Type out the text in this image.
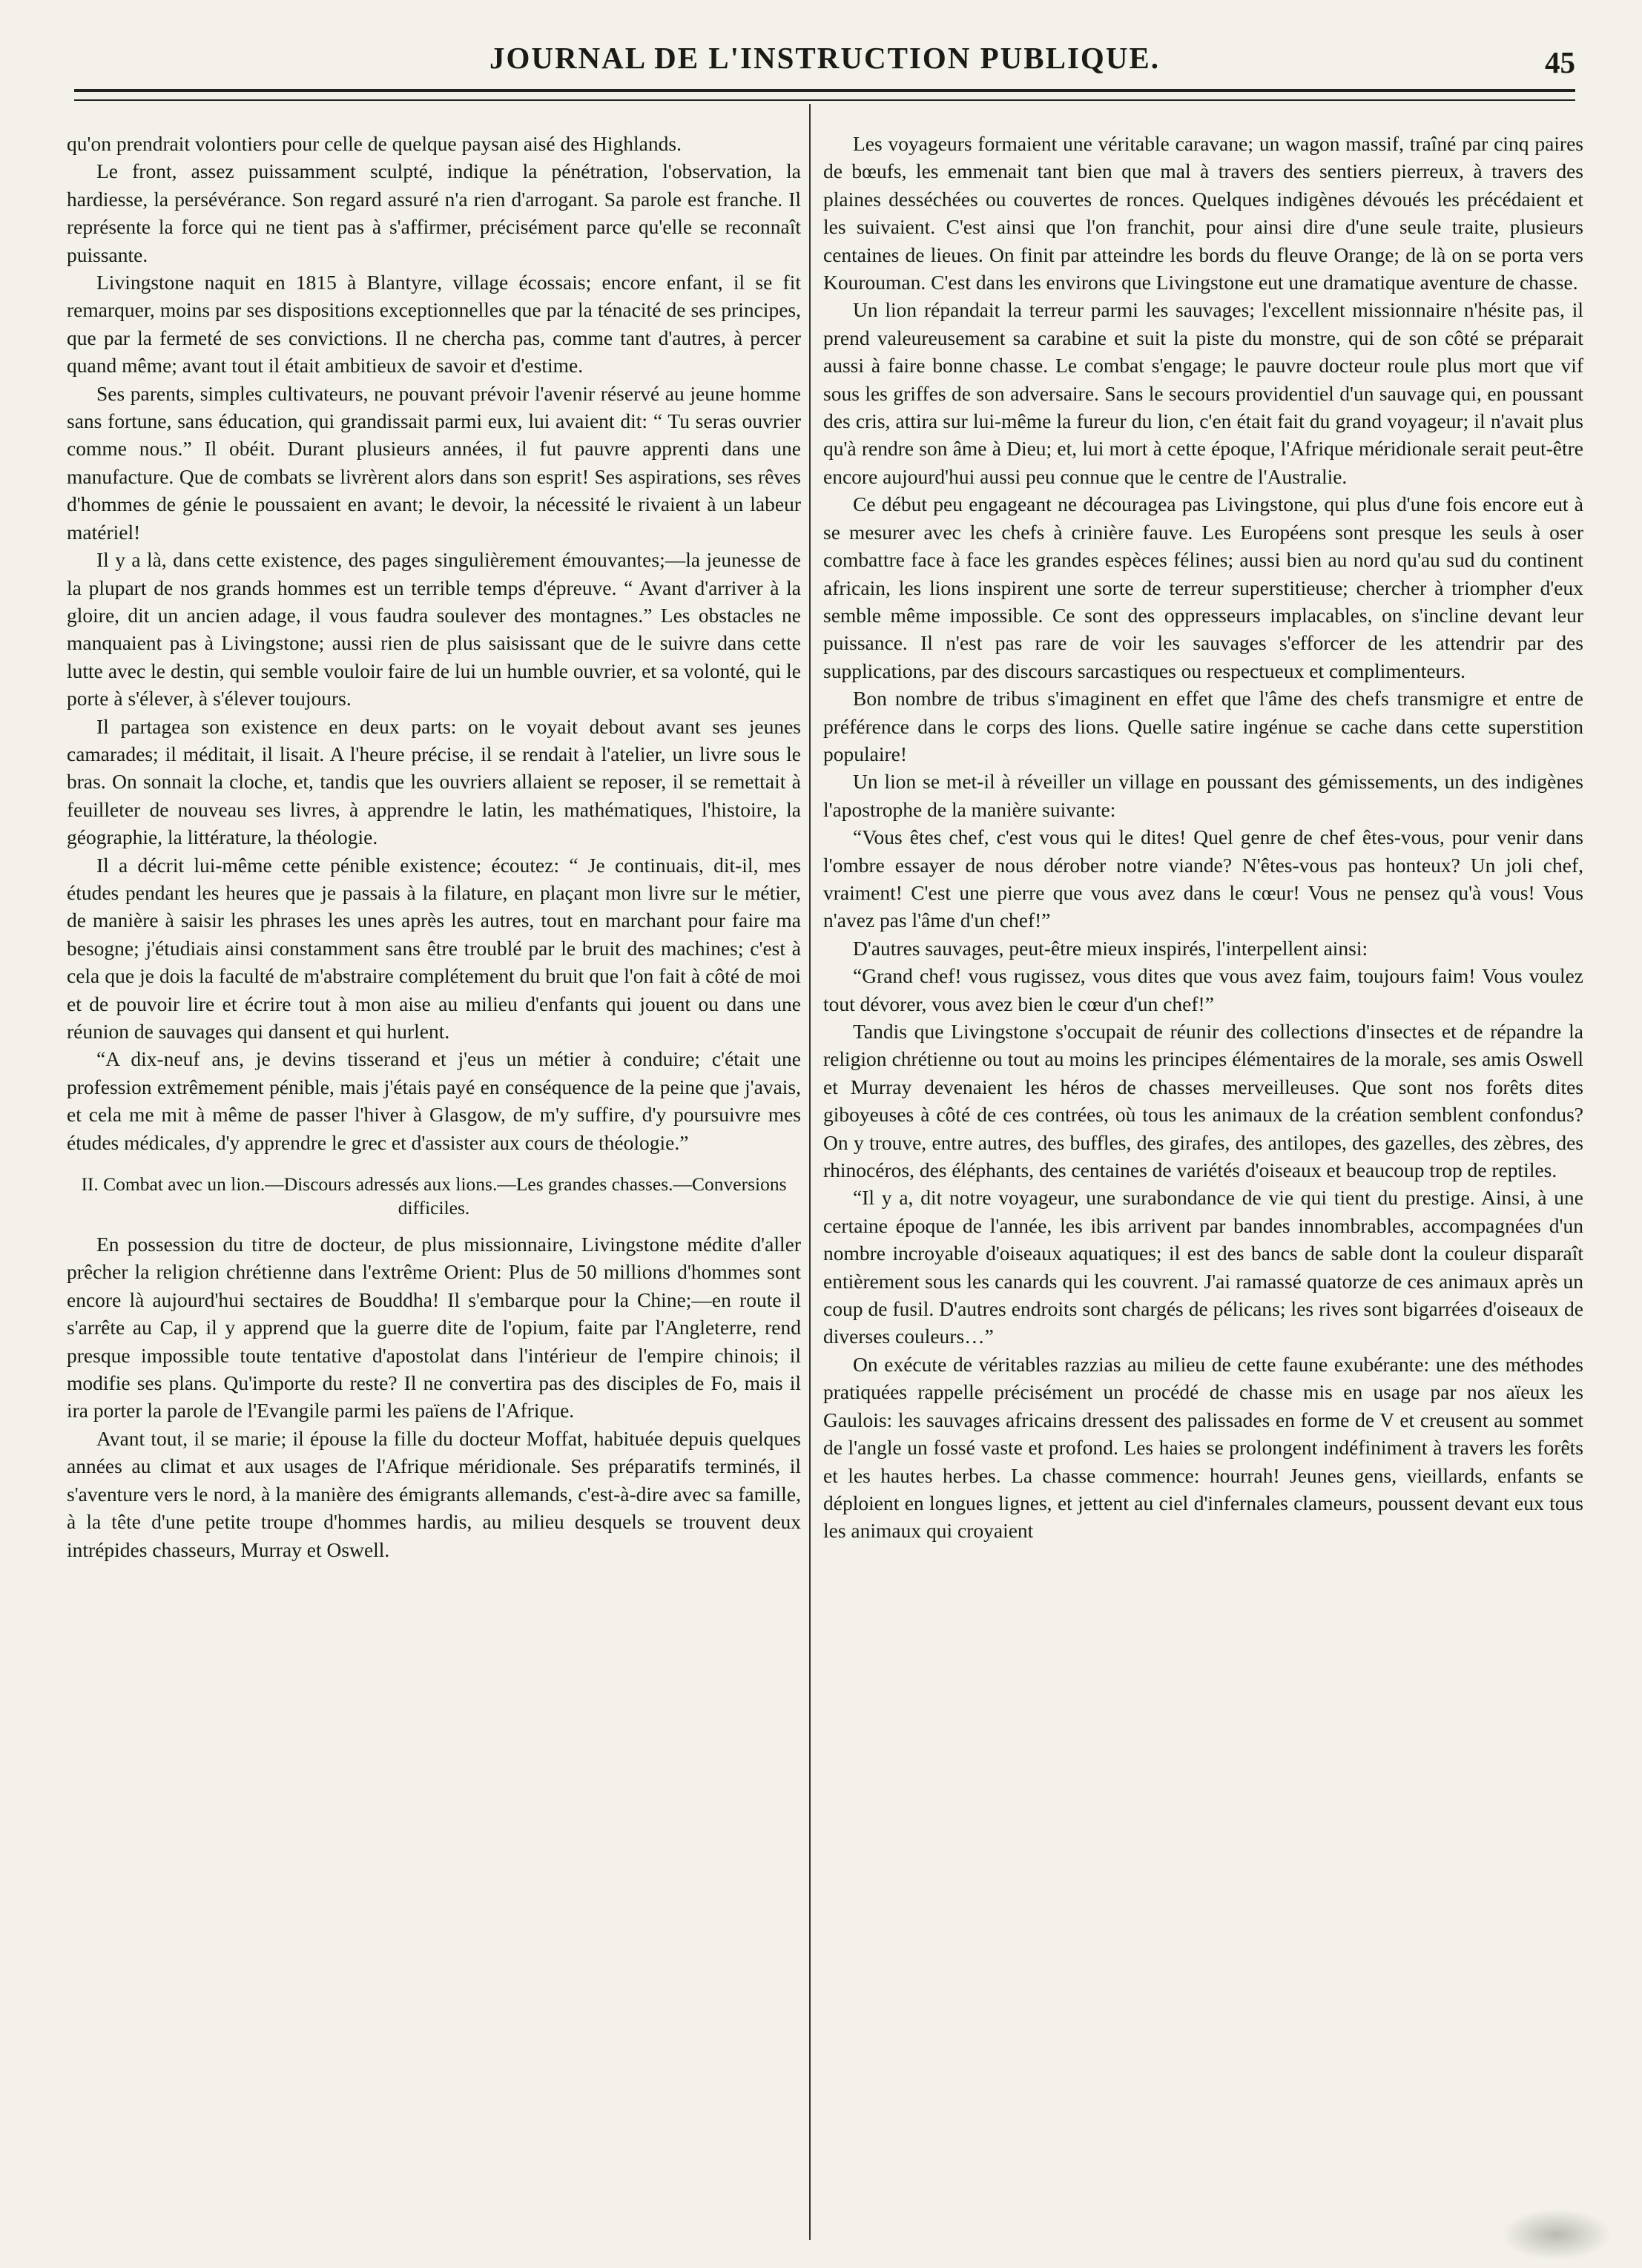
JOURNAL DE L'INSTRUCTION PUBLIQUE.	45

qu'on prendrait volontiers pour celle de quelque paysan aisé des Highlands.

Le front, assez puissamment sculpté, indique la pénétration, l'observation, la hardiesse, la persévérance. Son regard assuré n'a rien d'arrogant. Sa parole est franche. Il représente la force qui ne tient pas à s'affirmer, précisément parce qu'elle se reconnaît puissante.

Livingstone naquit en 1815 à Blantyre, village écossais; encore enfant, il se fit remarquer, moins par ses dispositions exceptionnelles que par la ténacité de ses principes, que par la fermeté de ses convictions. Il ne chercha pas, comme tant d'autres, à percer quand même; avant tout il était ambitieux de savoir et d'estime.

Ses parents, simples cultivateurs, ne pouvant prévoir l'avenir réservé au jeune homme sans fortune, sans éducation, qui grandissait parmi eux, lui avaient dit: “ Tu seras ouvrier comme nous.” Il obéit. Durant plusieurs années, il fut pauvre apprenti dans une manufacture. Que de combats se livrèrent alors dans son esprit! Ses aspirations, ses rêves d'hommes de génie le poussaient en avant; le devoir, la nécessité le rivaient à un labeur matériel!

Il y a là, dans cette existence, des pages singulièrement émouvantes;—la jeunesse de la plupart de nos grands hommes est un terrible temps d'épreuve. “ Avant d'arriver à la gloire, dit un ancien adage, il vous faudra soulever des montagnes.” Les obstacles ne manquaient pas à Livingstone; aussi rien de plus saisissant que de le suivre dans cette lutte avec le destin, qui semble vouloir faire de lui un humble ouvrier, et sa volonté, qui le porte à s'élever, à s'élever toujours.

Il partagea son existence en deux parts: on le voyait debout avant ses jeunes camarades; il méditait, il lisait. A l'heure précise, il se rendait à l'atelier, un livre sous le bras. On sonnait la cloche, et, tandis que les ouvriers allaient se reposer, il se remettait à feuilleter de nouveau ses livres, à apprendre le latin, les mathématiques, l'histoire, la géographie, la littérature, la théologie.

Il a décrit lui-même cette pénible existence; écoutez: “ Je continuais, dit-il, mes études pendant les heures que je passais à la filature, en plaçant mon livre sur le métier, de manière à saisir les phrases les unes après les autres, tout en marchant pour faire ma besogne; j'étudiais ainsi constamment sans être troublé par le bruit des machines; c'est à cela que je dois la faculté de m'abstraire complétement du bruit que l'on fait à côté de moi et de pouvoir lire et écrire tout à mon aise au milieu d'enfants qui jouent ou dans une réunion de sauvages qui dansent et qui hurlent.

“A dix-neuf ans, je devins tisserand et j'eus un métier à conduire; c'était une profession extrêmement pénible, mais j'étais payé en conséquence de la peine que j'avais, et cela me mit à même de passer l'hiver à Glasgow, de m'y suffire, d'y poursuivre mes études médicales, d'y apprendre le grec et d'assister aux cours de théologie.”

II. Combat avec un lion.—Discours adressés aux lions.—Les grandes chasses.—Conversions difficiles.

En possession du titre de docteur, de plus missionnaire, Livingstone médite d'aller prêcher la religion chrétienne dans l'extrême Orient: Plus de 50 millions d'hommes sont encore là aujourd'hui sectaires de Bouddha! Il s'embarque pour la Chine;—en route il s'arrête au Cap, il y apprend que la guerre dite de l'opium, faite par l'Angleterre, rend presque impossible toute tentative d'apostolat dans l'intérieur de l'empire chinois; il modifie ses plans. Qu'importe du reste? Il ne convertira pas des disciples de Fo, mais il ira porter la parole de l'Evangile parmi les païens de l'Afrique.

Avant tout, il se marie; il épouse la fille du docteur Moffat, habituée depuis quelques années au climat et aux usages de l'Afrique méridionale. Ses préparatifs terminés, il s'aventure vers le nord, à la manière des émigrants allemands, c'est-à-dire avec sa famille, à la tête d'une petite troupe d'hommes hardis, au milieu desquels se trouvent deux intrépides chasseurs, Murray et Oswell.

Les voyageurs formaient une véritable caravane; un wagon massif, traîné par cinq paires de bœufs, les emmenait tant bien que mal à travers des sentiers pierreux, à travers des plaines desséchées ou couvertes de ronces. Quelques indigènes dévoués les précédaient et les suivaient. C'est ainsi que l'on franchit, pour ainsi dire d'une seule traite, plusieurs centaines de lieues. On finit par atteindre les bords du fleuve Orange; de là on se porta vers Kourouman. C'est dans les environs que Livingstone eut une dramatique aventure de chasse.

Un lion répandait la terreur parmi les sauvages; l'excellent missionnaire n'hésite pas, il prend valeureusement sa carabine et suit la piste du monstre, qui de son côté se préparait aussi à faire bonne chasse. Le combat s'engage; le pauvre docteur roule plus mort que vif sous les griffes de son adversaire. Sans le secours providentiel d'un sauvage qui, en poussant des cris, attira sur lui-même la fureur du lion, c'en était fait du grand voyageur; il n'avait plus qu'à rendre son âme à Dieu; et, lui mort à cette époque, l'Afrique méridionale serait peut-être encore aujourd'hui aussi peu connue que le centre de l'Australie.

Ce début peu engageant ne découragea pas Livingstone, qui plus d'une fois encore eut à se mesurer avec les chefs à crinière fauve. Les Européens sont presque les seuls à oser combattre face à face les grandes espèces félines; aussi bien au nord qu'au sud du continent africain, les lions inspirent une sorte de terreur superstitieuse; chercher à triompher d'eux semble même impossible. Ce sont des oppresseurs implacables, on s'incline devant leur puissance. Il n'est pas rare de voir les sauvages s'efforcer de les attendrir par des supplications, par des discours sarcastiques ou respectueux et complimenteurs.

Bon nombre de tribus s'imaginent en effet que l'âme des chefs transmigre et entre de préférence dans le corps des lions. Quelle satire ingénue se cache dans cette superstition populaire!

Un lion se met-il à réveiller un village en poussant des gémissements, un des indigènes l'apostrophe de la manière suivante:

“Vous êtes chef, c'est vous qui le dites! Quel genre de chef êtes-vous, pour venir dans l'ombre essayer de nous dérober notre viande? N'êtes-vous pas honteux? Un joli chef, vraiment! C'est une pierre que vous avez dans le cœur! Vous ne pensez qu'à vous! Vous n'avez pas l'âme d'un chef!”

D'autres sauvages, peut-être mieux inspirés, l'interpellent ainsi:

“Grand chef! vous rugissez, vous dites que vous avez faim, toujours faim! Vous voulez tout dévorer, vous avez bien le cœur d'un chef!”

Tandis que Livingstone s'occupait de réunir des collections d'insectes et de répandre la religion chrétienne ou tout au moins les principes élémentaires de la morale, ses amis Oswell et Murray devenaient les héros de chasses merveilleuses. Que sont nos forêts dites giboyeuses à côté de ces contrées, où tous les animaux de la création semblent confondus? On y trouve, entre autres, des buffles, des girafes, des antilopes, des gazelles, des zèbres, des rhinocéros, des éléphants, des centaines de variétés d'oiseaux et beaucoup trop de reptiles.

“Il y a, dit notre voyageur, une surabondance de vie qui tient du prestige. Ainsi, à une certaine époque de l'année, les ibis arrivent par bandes innombrables, accompagnées d'un nombre incroyable d'oiseaux aquatiques; il est des bancs de sable dont la couleur disparaît entièrement sous les canards qui les couvrent. J'ai ramassé quatorze de ces animaux après un coup de fusil. D'autres endroits sont chargés de pélicans; les rives sont bigarrées d'oiseaux de diverses couleurs…”

On exécute de véritables razzias au milieu de cette faune exubérante: une des méthodes pratiquées rappelle précisément un procédé de chasse mis en usage par nos aïeux les Gaulois: les sauvages africains dressent des palissades en forme de V et creusent au sommet de l'angle un fossé vaste et profond. Les haies se prolongent indéfiniment à travers les forêts et les hautes herbes. La chasse commence: hourrah! Jeunes gens, vieillards, enfants se déploient en longues lignes, et jettent au ciel d'infernales clameurs, poussent devant eux tous les animaux qui croyaient
